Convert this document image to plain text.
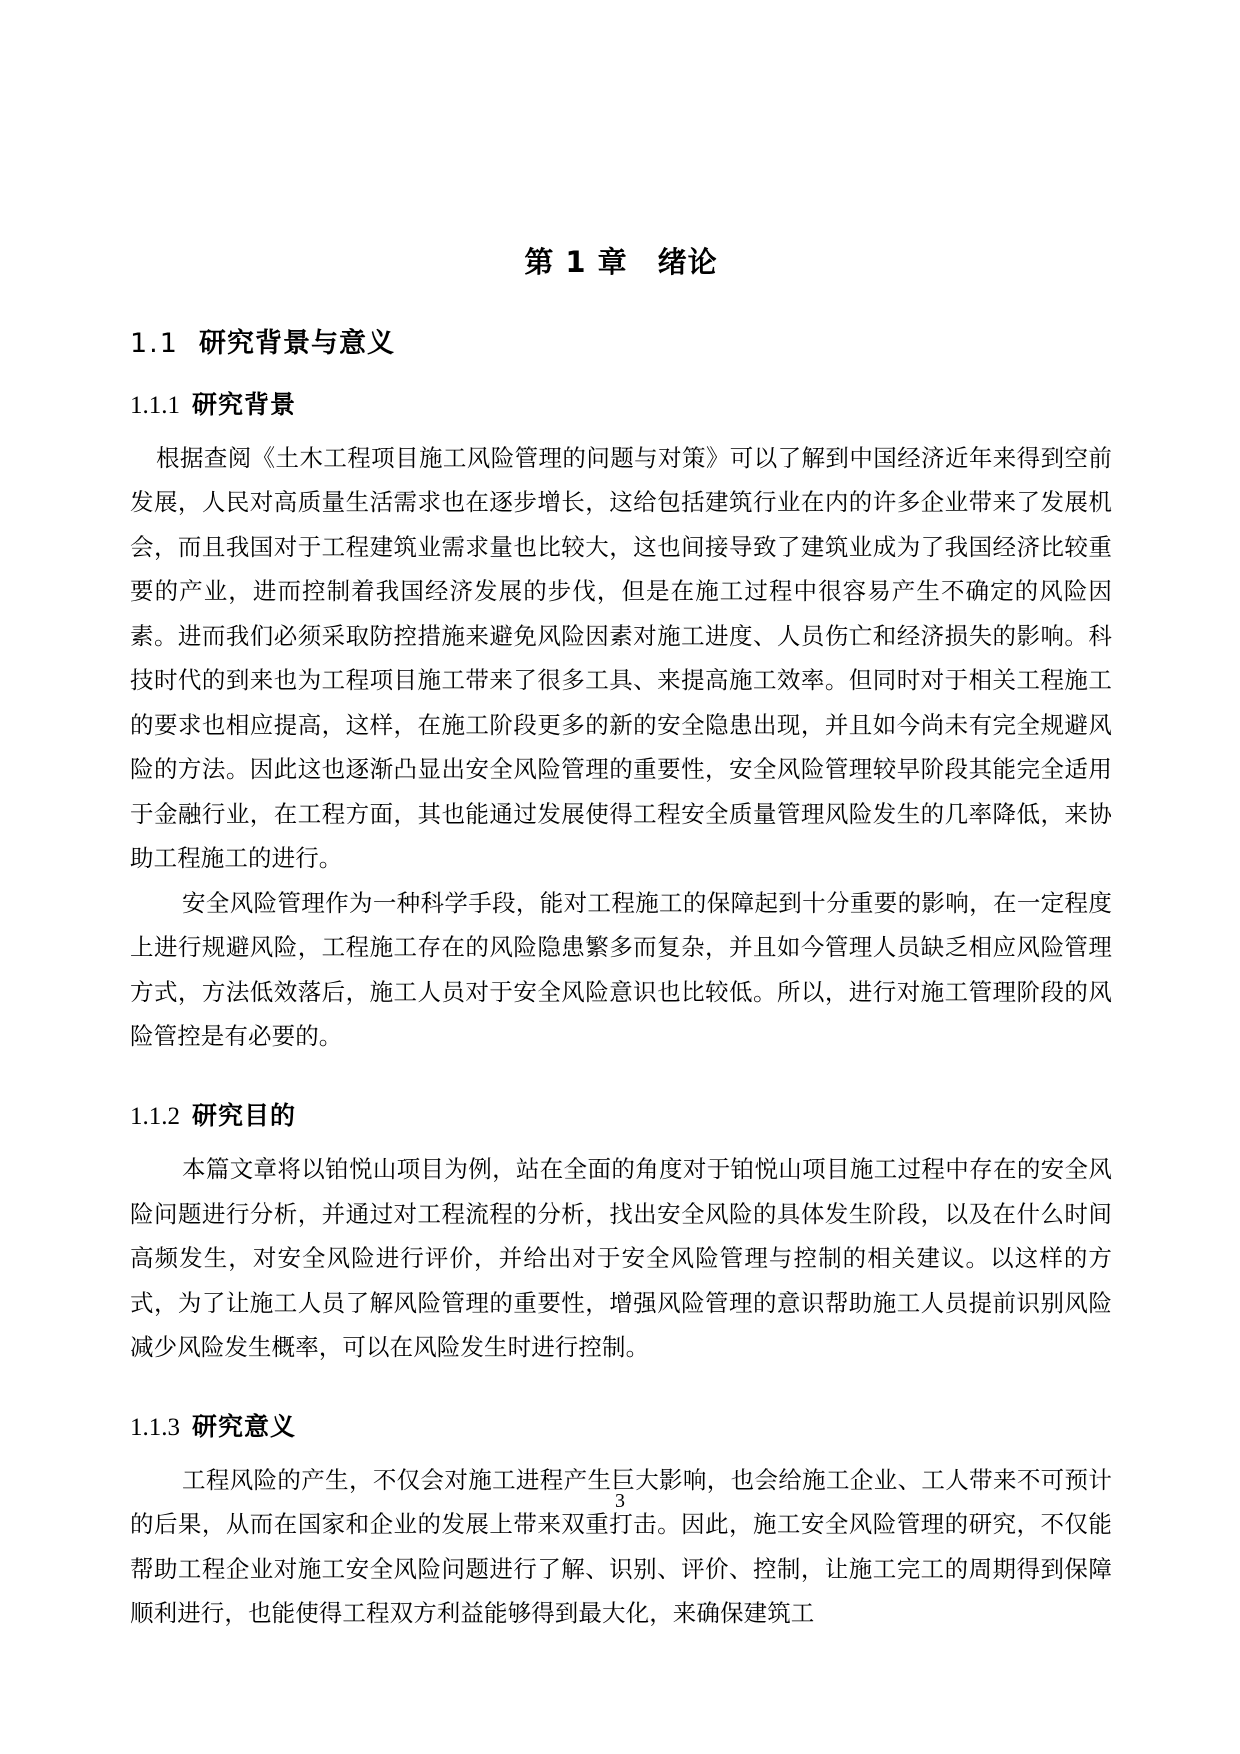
第 1 章　绪论
1.1 研究背景与意义
1.1.1 研究背景

根据查阅《土木工程项目施工风险管理的问题与对策》可以了解到中国经济近年来得到空前发展，人民对高质量生活需求也在逐步增长，这给包括建筑行业在内的许多企业带来了发展机会，而且我国对于工程建筑业需求量也比较大，这也间接导致了建筑业成为了我国经济比较重要的产业，进而控制着我国经济发展的步伐，但是在施工过程中很容易产生不确定的风险因素。进而我们必须采取防控措施来避免风险因素对施工进度、人员伤亡和经济损失的影响。科技时代的到来也为工程项目施工带来了很多工具、来提高施工效率。但同时对于相关工程施工的要求也相应提高，这样，在施工阶段更多的新的安全隐患出现，并且如今尚未有完全规避风险的方法。因此这也逐渐凸显出安全风险管理的重要性，安全风险管理较早阶段其能完全适用于金融行业，在工程方面，其也能通过发展使得工程安全质量管理风险发生的几率降低，来协助工程施工的进行。

安全风险管理作为一种科学手段，能对工程施工的保障起到十分重要的影响，在一定程度上进行规避风险，工程施工存在的风险隐患繁多而复杂，并且如今管理人员缺乏相应风险管理方式，方法低效落后，施工人员对于安全风险意识也比较低。所以，进行对施工管理阶段的风险管控是有必要的。

1.1.2 研究目的

本篇文章将以铂悦山项目为例，站在全面的角度对于铂悦山项目施工过程中存在的安全风险问题进行分析，并通过对工程流程的分析，找出安全风险的具体发生阶段，以及在什么时间高频发生，对安全风险进行评价，并给出对于安全风险管理与控制的相关建议。以这样的方式，为了让施工人员了解风险管理的重要性，增强风险管理的意识帮助施工人员提前识别风险减少风险发生概率，可以在风险发生时进行控制。

1.1.3 研究意义

工程风险的产生，不仅会对施工进程产生巨大影响，也会给施工企业、工人带来不可预计的后果，从而在国家和企业的发展上带来双重打击。因此，施工安全风险管理的研究，不仅能帮助工程企业对施工安全风险问题进行了解、识别、评价、控制，让施工完工的周期得到保障顺利进行，也能使得工程双方利益能够得到最大化，来确保建筑工

3
